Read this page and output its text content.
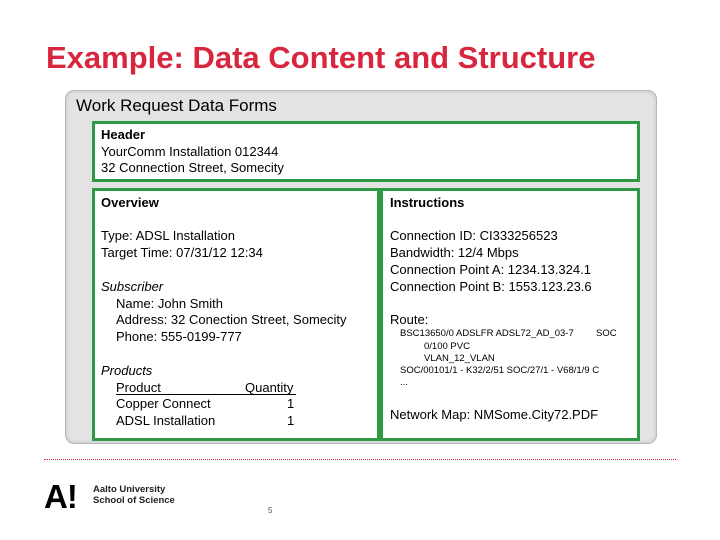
Example: Data Content and Structure
Work Request Data Forms
Header
YourComm Installation 012344
32 Connection Street, Somecity
Overview
Type: ADSL Installation
Target Time: 07/31/12 12:34
Subscriber
Name: John Smith
Address: 32 Conection Street, Somecity
Phone: 555-0199-777
Products
Product	Quantity
Copper Connect	1
ADSL Installation	1
Instructions
Connection ID: CI333256523
Bandwidth: 12/4 Mbps
Connection Point A: 1234.13.324.1
Connection Point B: 1553.123.23.6
Route:
BSC13650/0 ADSLFR ADSL72_AD_03-7 SOC
0/100 PVC
VLAN_12_VLAN
SOC/00101/1 - K32/2/51 SOC/27/1 - V68/1/9 C
...
Network Map: NMSome.City72.PDF
A! Aalto University
School of Science
5
